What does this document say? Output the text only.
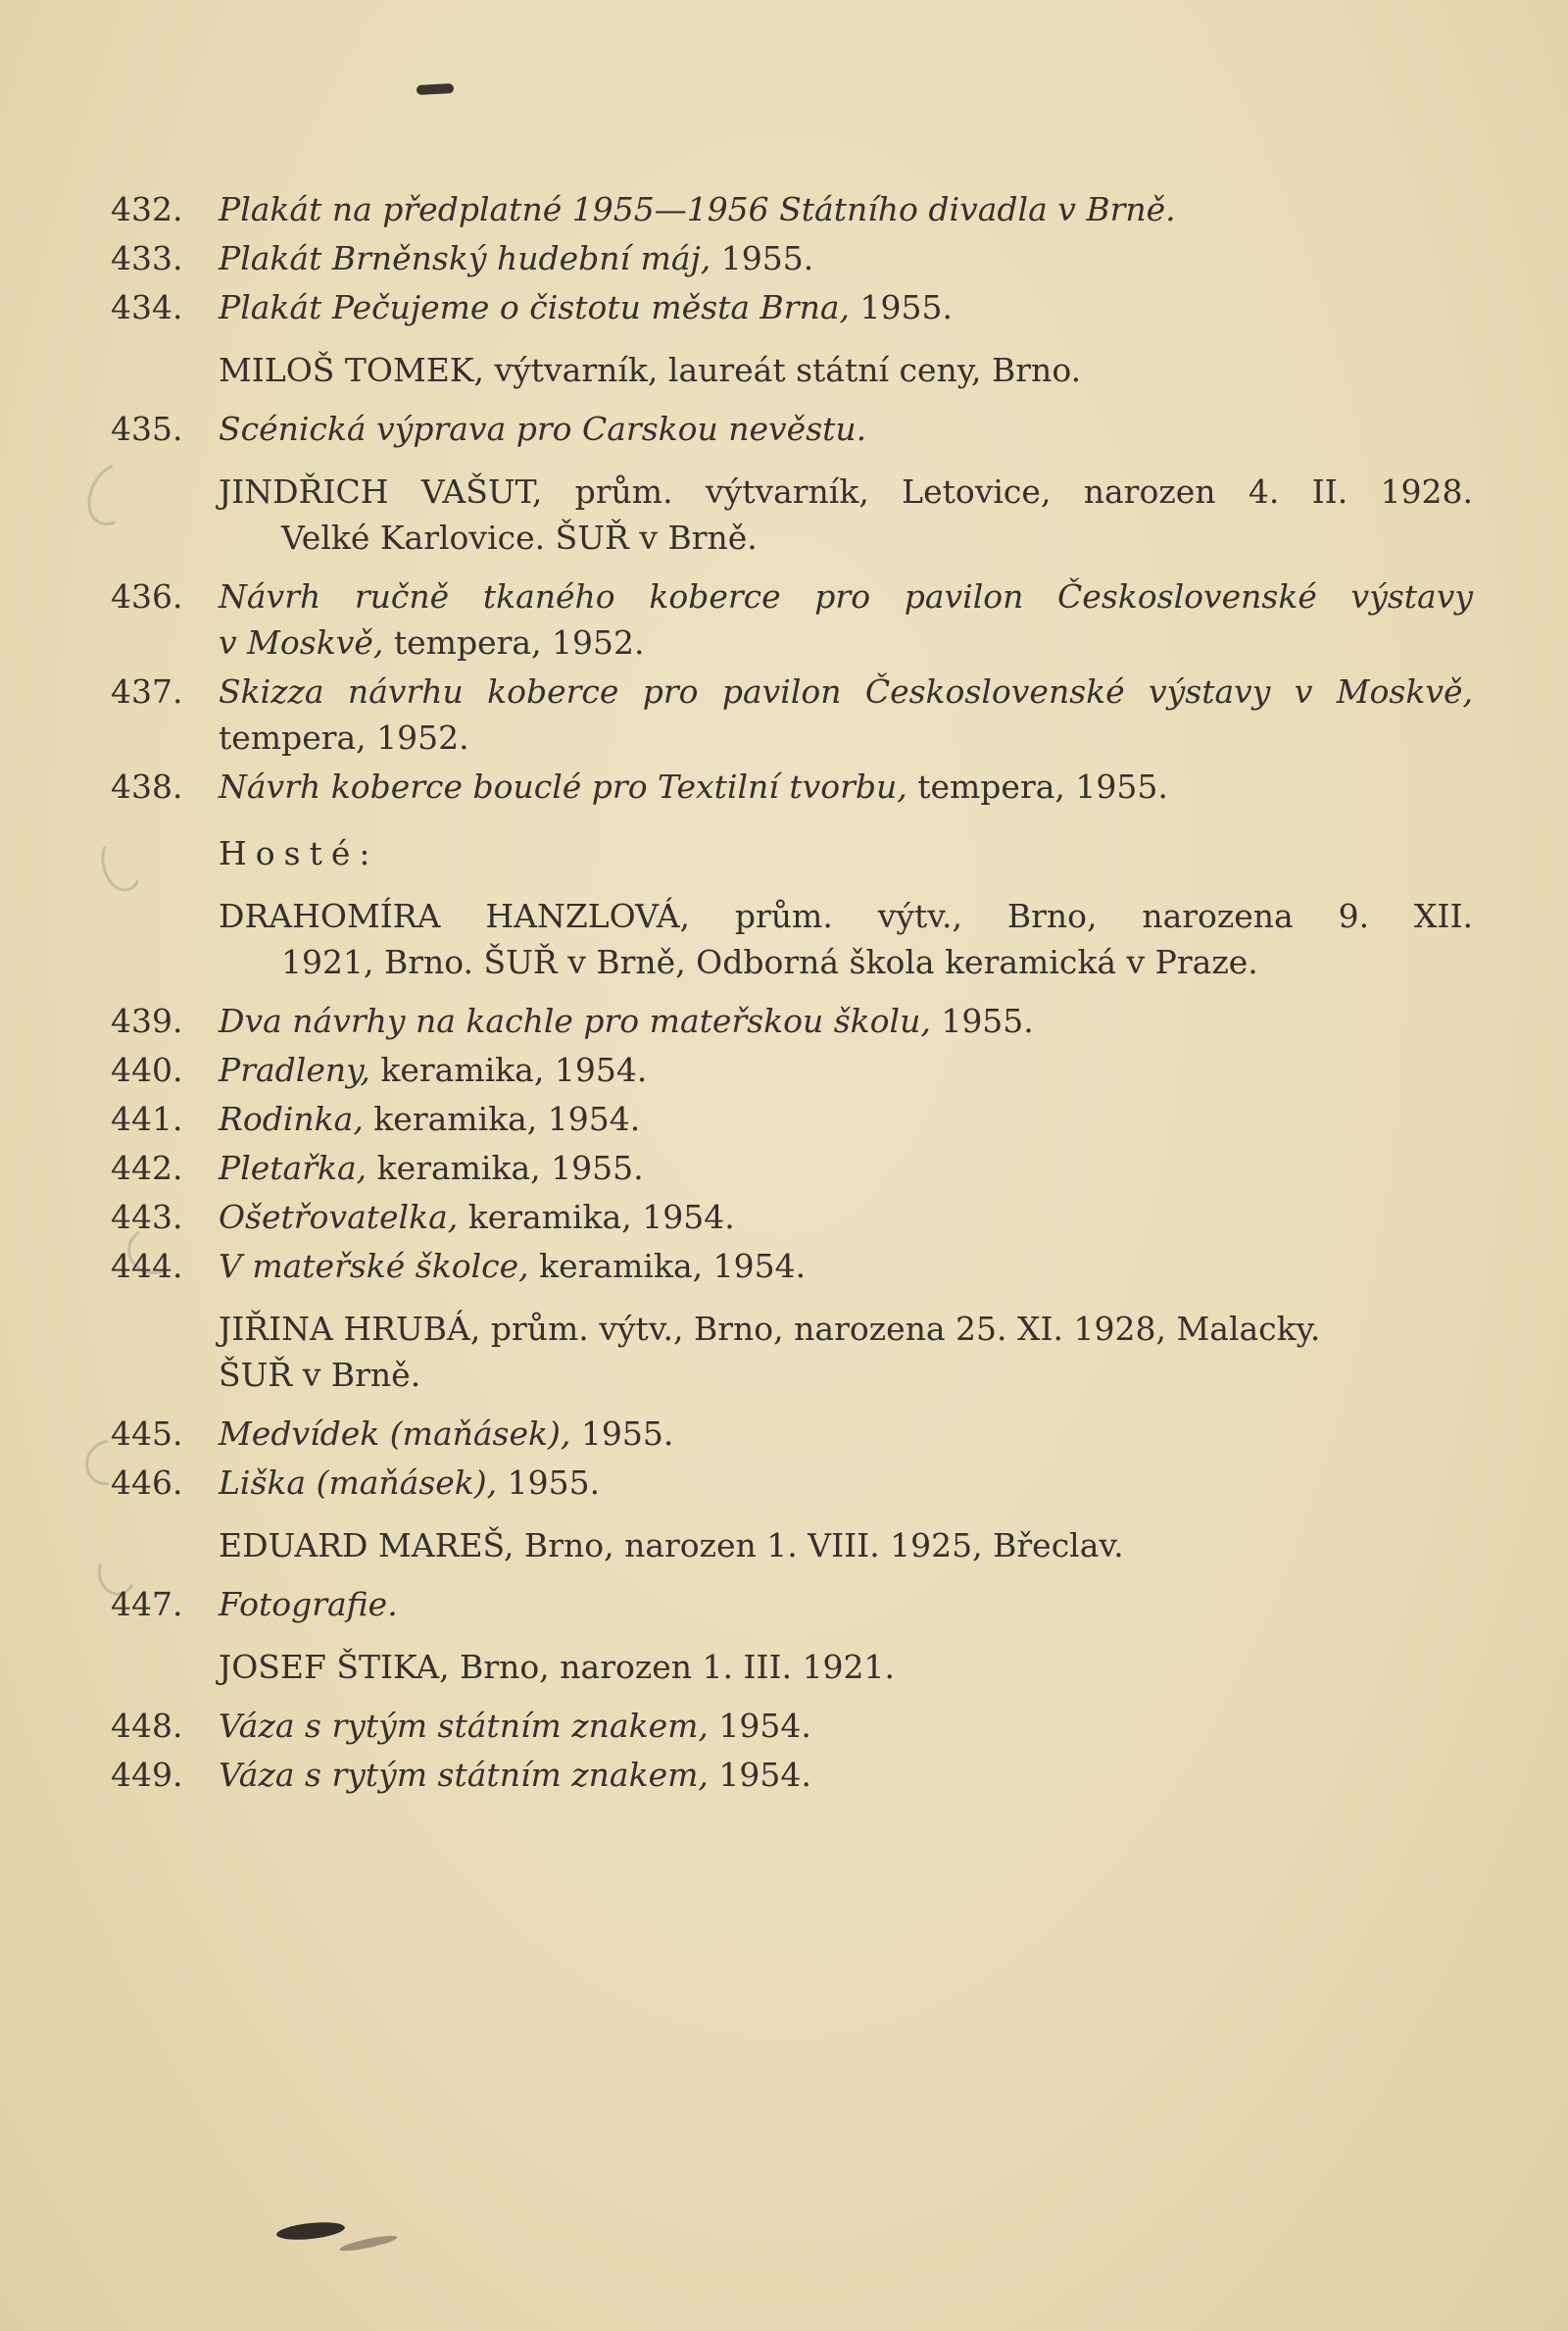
432. Plakát na předplatné 1955—1956 Státního divadla v Brně.
433. Plakát Brněnský hudební máj, 1955.
434. Plakát Pečujeme o čistotu města Brna, 1955.
MILOŠ TOMEK, výtvarník, laureát státní ceny, Brno.
435. Scénická výprava pro Carskou nevěstu.
JINDŘICH VAŠUT, prům. výtvarník, Letovice, narozen 4. II. 1928.
Velké Karlovice. ŠUŘ v Brně.
436. Návrh ručně tkaného koberce pro pavilon Československé výstavy
v Moskvě, tempera, 1952.
437. Skizza návrhu koberce pro pavilon Československé výstavy v Moskvě,
tempera, 1952.
438. Návrh koberce bouclé pro Textilní tvorbu, tempera, 1955.
Hosté:
DRAHOMÍRA HANZLOVÁ, prům. výtv., Brno, narozena 9. XII.
1921, Brno. ŠUŘ v Brně, Odborná škola keramická v Praze.
439. Dva návrhy na kachle pro mateřskou školu, 1955.
440. Pradleny, keramika, 1954.
441. Rodinka, keramika, 1954.
442. Pletařka, keramika, 1955.
443. Ošetřovatelka, keramika, 1954.
444. V mateřské školce, keramika, 1954.
JIŘINA HRUBÁ, prům. výtv., Brno, narozena 25. XI. 1928, Malacky.
ŠUŘ v Brně.
445. Medvídek (maňásek), 1955.
446. Liška (maňásek), 1955.
EDUARD MAREŠ, Brno, narozen 1. VIII. 1925, Břeclav.
447. Fotografie.
JOSEF ŠTIKA, Brno, narozen 1. III. 1921.
448. Váza s rytým státním znakem, 1954.
449. Váza s rytým státním znakem, 1954.
